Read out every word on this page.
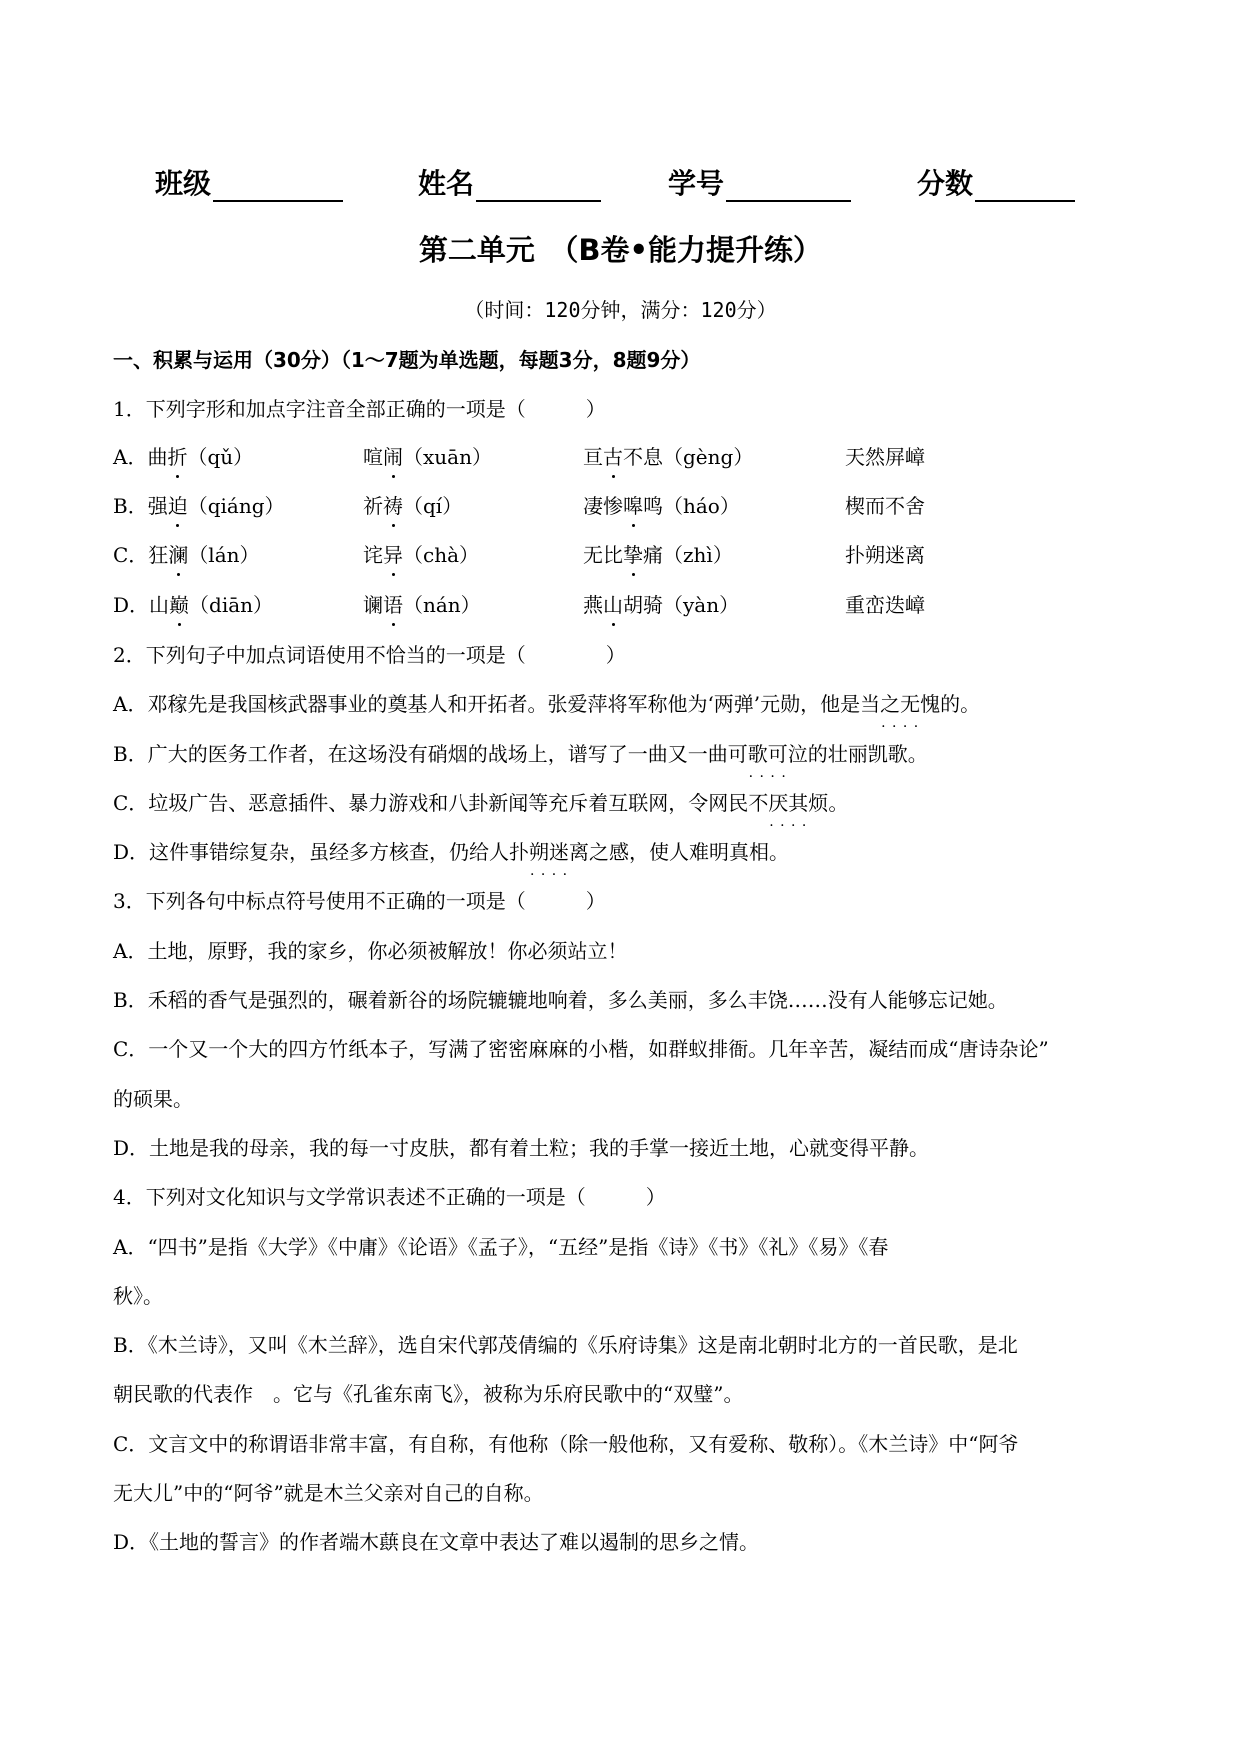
班级	姓名	学号	分数
第二单元　（B卷•能力提升练）
（时间：120分钟，满分：120分）
一、积累与运用（30分）（1～7题为单选题，每题3分，8题9分）
1．下列字形和加点字注音全部正确的一项是（　　　）
A．曲折（qǔ）	喧闹（xuān）	亘古不息（gèng）	天然屏嶂
B．强迫（qiáng）	祈祷（qí）	凄惨嗥鸣（háo）	楔而不舍
C．狂澜（lán）	诧异（chà）	无比挚痛（zhì）	扑朔迷离
D．山巅（diān）	谰语（nán）	燕山胡骑（yàn）	重峦迭嶂
2．下列句子中加点词语使用不恰当的一项是（　　　　）
A．邓稼先是我国核武器事业的奠基人和开拓者。张爱萍将军称他为‘两弹’元勋，他是当之无愧 · · · ·的。
B．广大的医务工作者，在这场没有硝烟的战场上，谱写了一曲又一曲可歌可泣 · · · ·的壮丽凯歌。
C．垃圾广告、恶意插件、暴力游戏和八卦新闻等充斥着互联网，令网民不厌其烦 · · · ·。
D．这件事错综复杂，虽经多方核查，仍给人扑朔迷离 · · · ·之感，使人难明真相。
3．下列各句中标点符号使用不正确的一项是（　　　）
A．土地，原野，我的家乡，你必须被解放！你必须站立！
B．禾稻的香气是强烈的，碾着新谷的场院辘辘地响着，多么美丽，多么丰饶……没有人能够忘记她。
C．一个又一个大的四方竹纸本子，写满了密密麻麻的小楷，如群蚁排衙。几年辛苦，凝结而成“唐诗杂论”
的硕果。
D．土地是我的母亲，我的每一寸皮肤，都有着土粒；我的手掌一接近土地，心就变得平静。
4．下列对文化知识与文学常识表述不正确的一项是（　　　）
A．“四书”是指《大学》《中庸》《论语》《孟子》，“五经”是指《诗》《书》《礼》《易》《春
秋》。
B．《木兰诗》，又叫《木兰辞》，选自宋代郭茂倩编的《乐府诗集》这是南北朝时北方的一首民歌，是北
朝民歌的代表作　。它与《孔雀东南飞》，被称为乐府民歌中的“双璧”。
C．文言文中的称谓语非常丰富，有自称，有他称（除一般他称，又有爱称、敬称）。《木兰诗》中“阿爷
无大儿”中的“阿爷”就是木兰父亲对自己的自称。
D．《土地的誓言》的作者端木蕻良在文章中表达了难以遏制的思乡之情。
